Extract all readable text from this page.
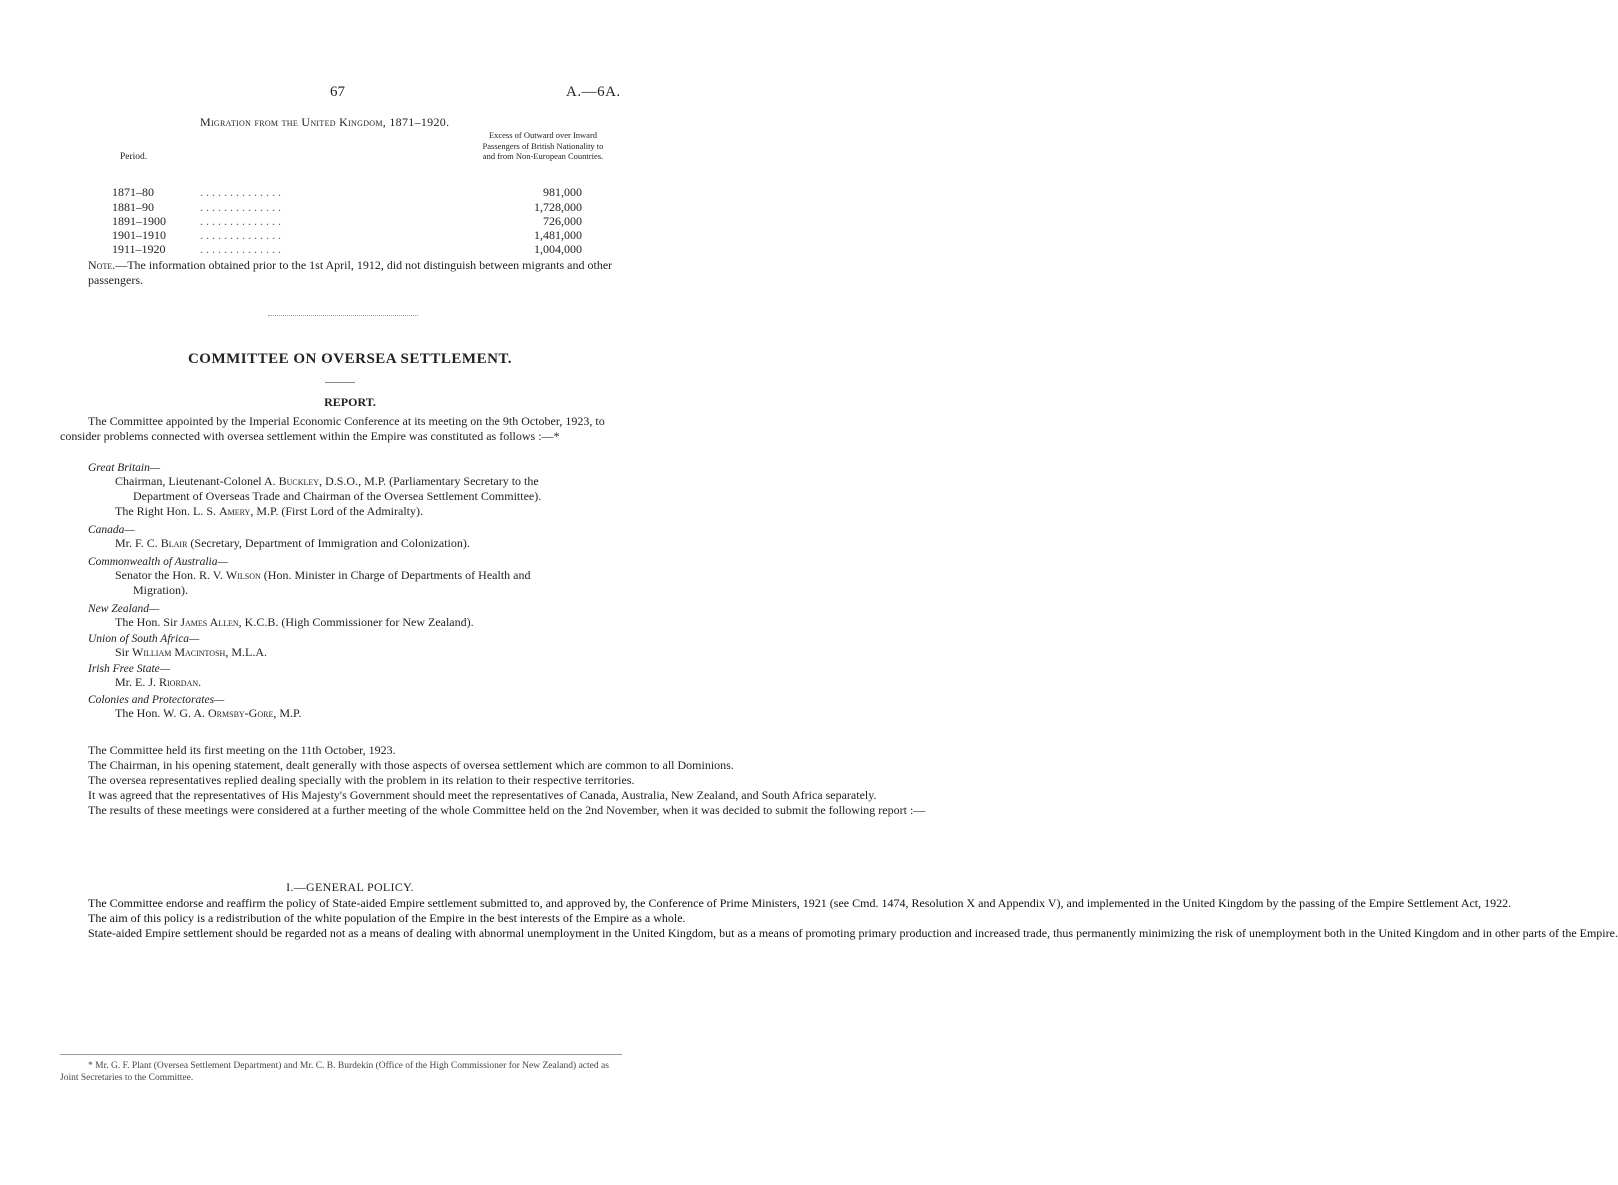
67	A.—6A.
Migration from the United Kingdom, 1871–1920.
Period.
Excess of Outward over Inward Passengers of British Nationality to and from Non-European Countries.
1871–80	. . . . . . . . . . . . . .	981,000
1881–90	. . . . . . . . . . . . . .	1,728,000
1891–1900	. . . . . . . . . . . . . .	726,000
1901–1910	. . . . . . . . . . . . . .	1,481,000
1911–1920	. . . . . . . . . . . . . .	1,004,000
Note.—The information obtained prior to the 1st April, 1912, did not distinguish between migrants and other passengers.
COMMITTEE ON OVERSEA SETTLEMENT.
REPORT.
The Committee appointed by the Imperial Economic Conference at its meeting on the 9th October, 1923, to consider problems connected with oversea settlement within the Empire was constituted as follows :—*
Great Britain—
Chairman, Lieutenant-Colonel A. Buckley, D.S.O., M.P. (Parliamentary Secretary to the
Department of Overseas Trade and Chairman of the Oversea Settlement Committee).
The Right Hon. L. S. Amery, M.P. (First Lord of the Admiralty).
Canada—
Mr. F. C. Blair (Secretary, Department of Immigration and Colonization).
Commonwealth of Australia—
Senator the Hon. R. V. Wilson (Hon. Minister in Charge of Departments of Health and
Migration).
New Zealand—
The Hon. Sir James Allen, K.C.B. (High Commissioner for New Zealand).
Union of South Africa—
Sir William Macintosh, M.L.A.
Irish Free State—
Mr. E. J. Riordan.
Colonies and Protectorates—
The Hon. W. G. A. Ormsby-Gore, M.P.

The Committee held its first meeting on the 11th October, 1923.

The Chairman, in his opening statement, dealt generally with those aspects of oversea settlement which are common to all Dominions.

The oversea representatives replied dealing specially with the problem in its relation to their respective territories.

It was agreed that the representatives of His Majesty's Government should meet the representatives of Canada, Australia, New Zealand, and South Africa separately.

The results of these meetings were considered at a further meeting of the whole Committee held on the 2nd November, when it was decided to submit the following report :—

I.—GENERAL POLICY.

The Committee endorse and reaffirm the policy of State-aided Empire settlement submitted to, and approved by, the Conference of Prime Ministers, 1921 (see Cmd. 1474, Resolution X and Appendix V), and implemented in the United Kingdom by the passing of the Empire Settlement Act, 1922.

The aim of this policy is a redistribution of the white population of the Empire in the best interests of the Empire as a whole.

State-aided Empire settlement should be regarded not as a means of dealing with abnormal unemployment in the United Kingdom, but as a means of promoting primary production and increased trade, thus permanently minimizing the risk of unemployment both in the United Kingdom and in other parts of the Empire.

* Mr. G. F. Plant (Oversea Settlement Department) and Mr. C. B. Burdekin (Office of the High Commissioner for New Zealand) acted as Joint Secretaries to the Committee.
